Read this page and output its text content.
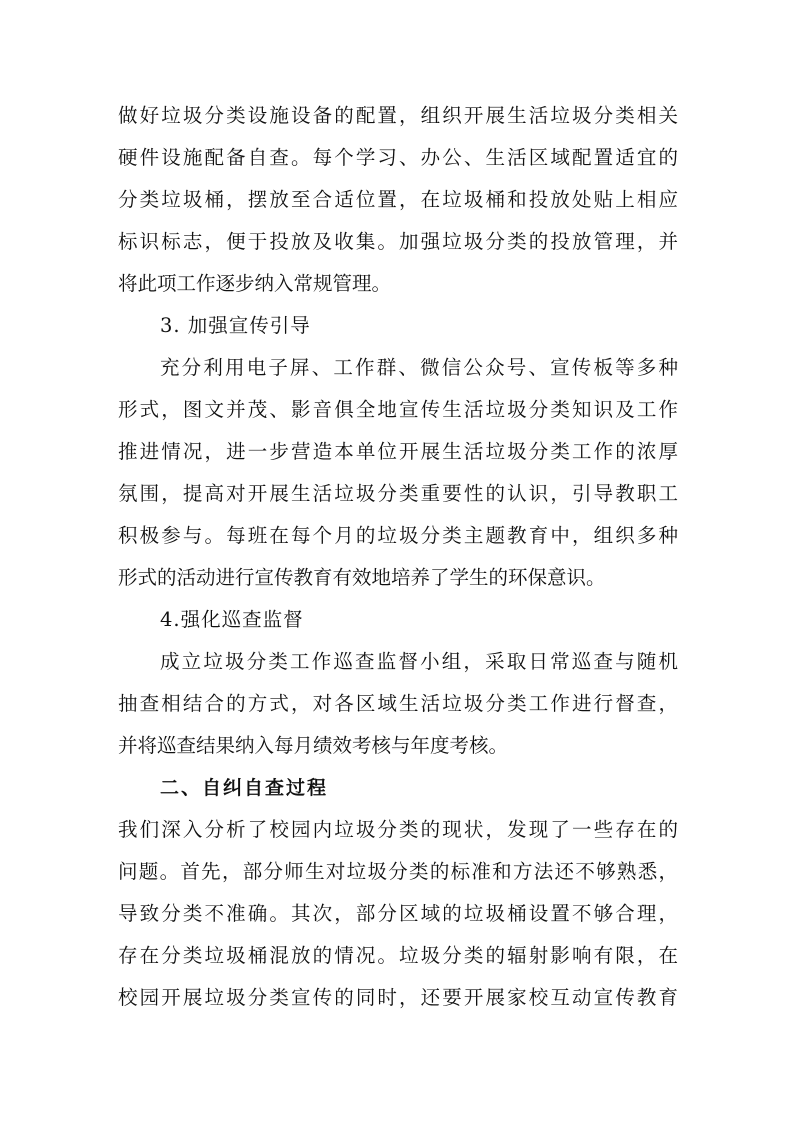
做好垃圾分类设施设备的配置，组织开展生活垃圾分类相关
硬件设施配备自查。每个学习、办公、生活区域配置适宜的
分类垃圾桶，摆放至合适位置，在垃圾桶和投放处贴上相应
标识标志，便于投放及收集。加强垃圾分类的投放管理，并
将此项工作逐步纳入常规管理。
3. 加强宣传引导
充分利用电子屏、工作群、微信公众号、宣传板等多种
形式，图文并茂、影音俱全地宣传生活垃圾分类知识及工作
推进情况，进一步营造本单位开展生活垃圾分类工作的浓厚
氛围，提高对开展生活垃圾分类重要性的认识，引导教职工
积极参与。每班在每个月的垃圾分类主题教育中，组织多种
形式的活动进行宣传教育有效地培养了学生的环保意识。
4.强化巡查监督
成立垃圾分类工作巡查监督小组，采取日常巡查与随机
抽查相结合的方式，对各区域生活垃圾分类工作进行督查，
并将巡查结果纳入每月绩效考核与年度考核。
二、自纠自查过程
我们深入分析了校园内垃圾分类的现状，发现了一些存在的
问题。首先，部分师生对垃圾分类的标准和方法还不够熟悉，
导致分类不准确。其次，部分区域的垃圾桶设置不够合理，
存在分类垃圾桶混放的情况。垃圾分类的辐射影响有限，在
校园开展垃圾分类宣传的同时，还要开展家校互动宣传教育
